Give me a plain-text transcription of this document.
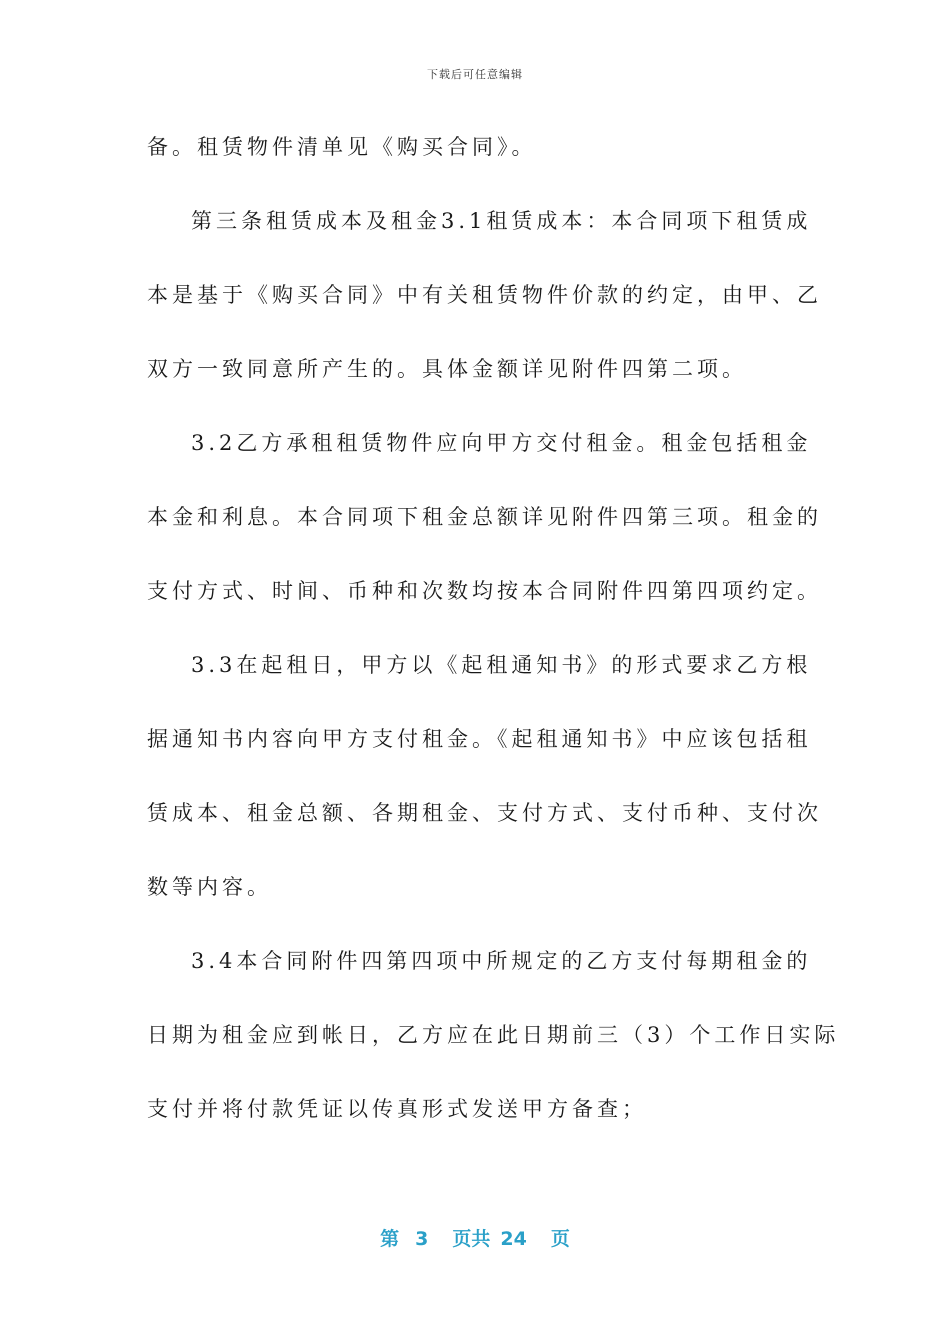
下载后可任意编辑
备。租赁物件清单见《购买合同》。
第三条租赁成本及租金3.1租赁成本：本合同项下租赁成
本是基于《购买合同》中有关租赁物件价款的约定，由甲、乙
双方一致同意所产生的。具体金额详见附件四第二项。
3.2乙方承租租赁物件应向甲方交付租金。租金包括租金
本金和利息。本合同项下租金总额详见附件四第三项。租金的
支付方式、时间、币种和次数均按本合同附件四第四项约定。
3.3在起租日，甲方以《起租通知书》的形式要求乙方根
据通知书内容向甲方支付租金。《起租通知书》中应该包括租
赁成本、租金总额、各期租金、支付方式、支付币种、支付次
数等内容。
3.4本合同附件四第四项中所规定的乙方支付每期租金的
日期为租金应到帐日，乙方应在此日期前三（3）个工作日实际
支付并将付款凭证以传真形式发送甲方备查；
第 3 页共 24 页
